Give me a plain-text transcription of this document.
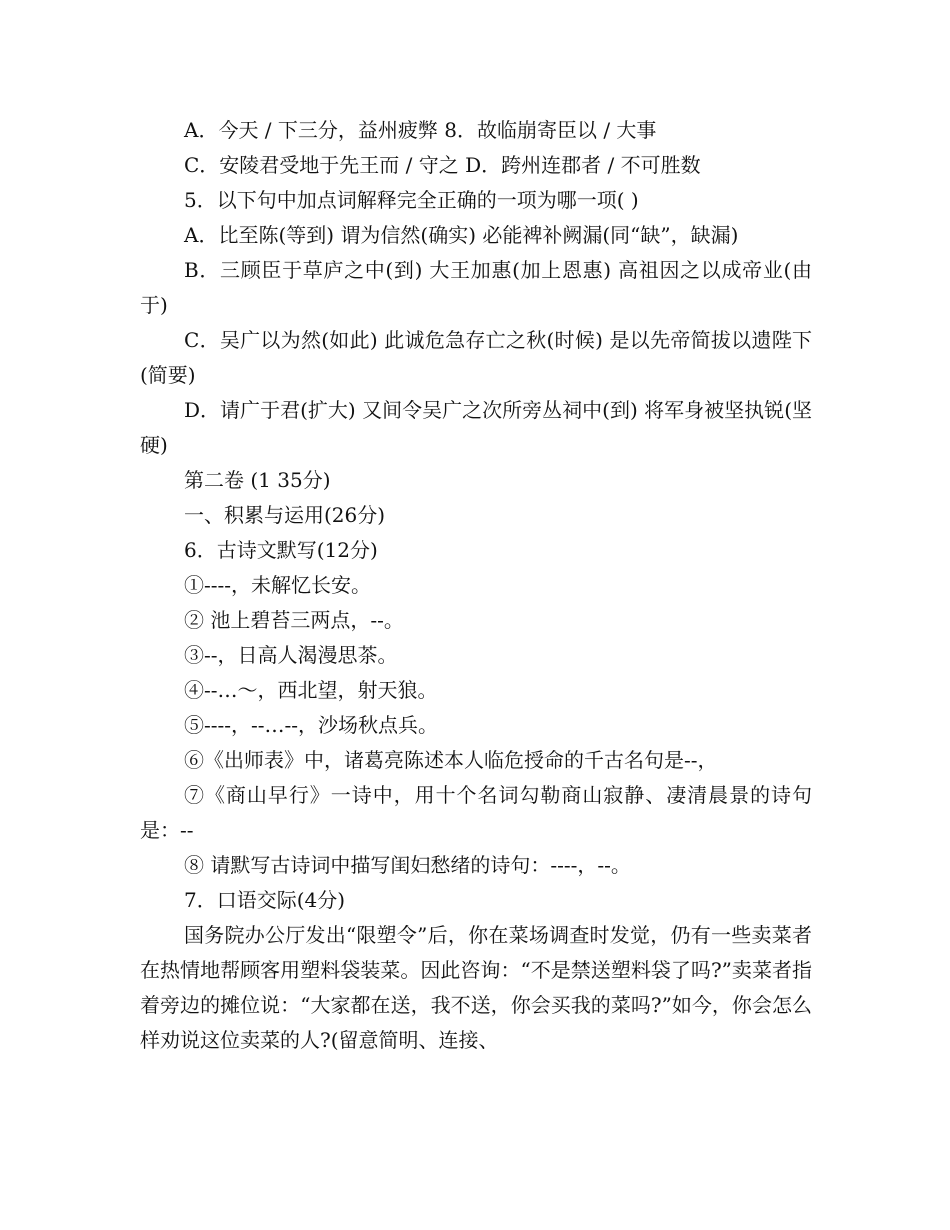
A．今天 / 下三分，益州疲弊 8．故临崩寄臣以 / 大事

C．安陵君受地于先王而 / 守之 D．跨州连郡者 / 不可胜数

5．以下句中加点词解释完全正确的一项为哪一项( )

A．比至陈(等到) 谓为信然(确实) 必能裨补阙漏(同“缺”，缺漏)

B．三顾臣于草庐之中(到) 大王加惠(加上恩惠) 高祖因之以成帝业(由于)

C．吴广以为然(如此) 此诚危急存亡之秋(时候) 是以先帝简拔以遗陛下(简要)

D．请广于君(扩大) 又间令吴广之次所旁丛祠中(到) 将军身被坚执锐(坚硬)

第二卷 (1 35分)

一、积累与运用(26分)

6．古诗文默写(12分)

①----，未解忆长安。

② 池上碧苔三两点，--。

③--，日高人渴漫思茶。

④--…～，西北望，射天狼。

⑤----，--…--，沙场秋点兵。

⑥《出师表》中，诸葛亮陈述本人临危授命的千古名句是--，

⑦《商山早行》一诗中，用十个名词勾勒商山寂静、凄清晨景的诗句是：--

⑧ 请默写古诗词中描写闺妇愁绪的诗句：----，--。

7．口语交际(4分)

国务院办公厅发出“限塑令”后，你在菜场调查时发觉，仍有一些卖菜者在热情地帮顾客用塑料袋装菜。因此咨询：“不是禁送塑料袋了吗?”卖菜者指着旁边的摊位说：“大家都在送，我不送，你会买我的菜吗?”如今，你会怎么样劝说这位卖菜的人?(留意简明、连接、
